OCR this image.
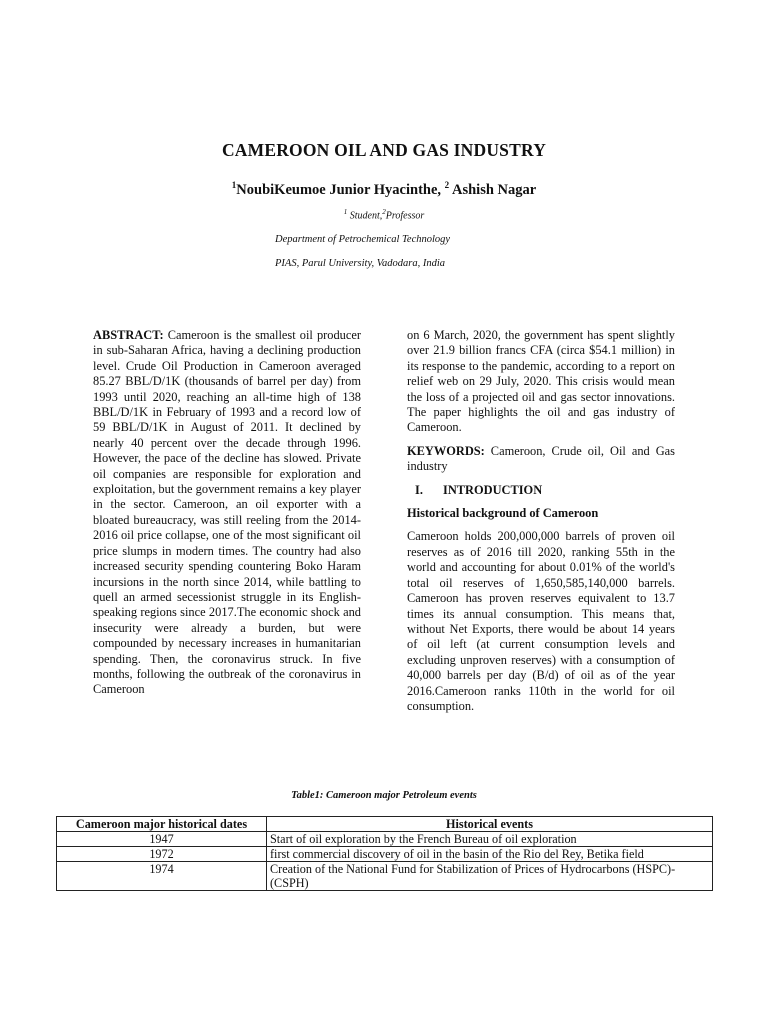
CAMEROON OIL AND GAS INDUSTRY
$^1$NoubiKeumoe Junior Hyacinthe, $^2$ Ashish Nagar
$^1$ Student,$^2$Professor
Department of Petrochemical Technology
PIAS, Parul University, Vadodara, India

ABSTRACT: Cameroon is the smallest oil producer in sub-Saharan Africa, having a declining production level. Crude Oil Production in Cameroon averaged 85.27 BBL/D/1K (thousands of barrel per day) from 1993 until 2020, reaching an all-time high of 138 BBL/D/1K in February of 1993 and a record low of 59 BBL/D/1K in August of 2011. It declined by nearly 40 percent over the decade through 1996. However, the pace of the decline has slowed. Private oil companies are responsible for exploration and exploitation, but the government remains a key player in the sector. Cameroon, an oil exporter with a bloated bureaucracy, was still reeling from the 2014-2016 oil price collapse, one of the most significant oil price slumps in modern times. The country had also increased security spending countering Boko Haram incursions in the north since 2014, while battling to quell an armed secessionist struggle in its English-speaking regions since 2017.The economic shock and insecurity were already a burden, but were compounded by necessary increases in humanitarian spending. Then, the coronavirus struck. In five months, following the outbreak of the coronavirus in Cameroon

on 6 March, 2020, the government has spent slightly over 21.9 billion francs CFA (circa $54.1 million) in its response to the pandemic, according to a report on relief web on 29 July, 2020. This crisis would mean the loss of a projected oil and gas sector innovations. The paper highlights the oil and gas industry of Cameroon.

KEYWORDS: Cameroon, Crude oil, Oil and Gas industry

I. INTRODUCTION

Historical background of Cameroon

Cameroon holds 200,000,000 barrels of proven oil reserves as of 2016 till 2020, ranking 55th in the world and accounting for about 0.01% of the world's total oil reserves of 1,650,585,140,000 barrels. Cameroon has proven reserves equivalent to 13.7 times its annual consumption. This means that, without Net Exports, there would be about 14 years of oil left (at current consumption levels and excluding unproven reserves) with a consumption of 40,000 barrels per day (B/d) of oil as of the year 2016.Cameroon ranks 110th in the world for oil consumption.

Table1: Cameroon major Petroleum events
Cameroon major historical dates	Historical events
1947	Start of oil exploration by the French Bureau of oil exploration
1972	first commercial discovery of oil in the basin of the Rio del Rey, Betika field
1974	Creation of the National Fund for Stabilization of Prices of Hydrocarbons (HSPC)-(CSPH)
